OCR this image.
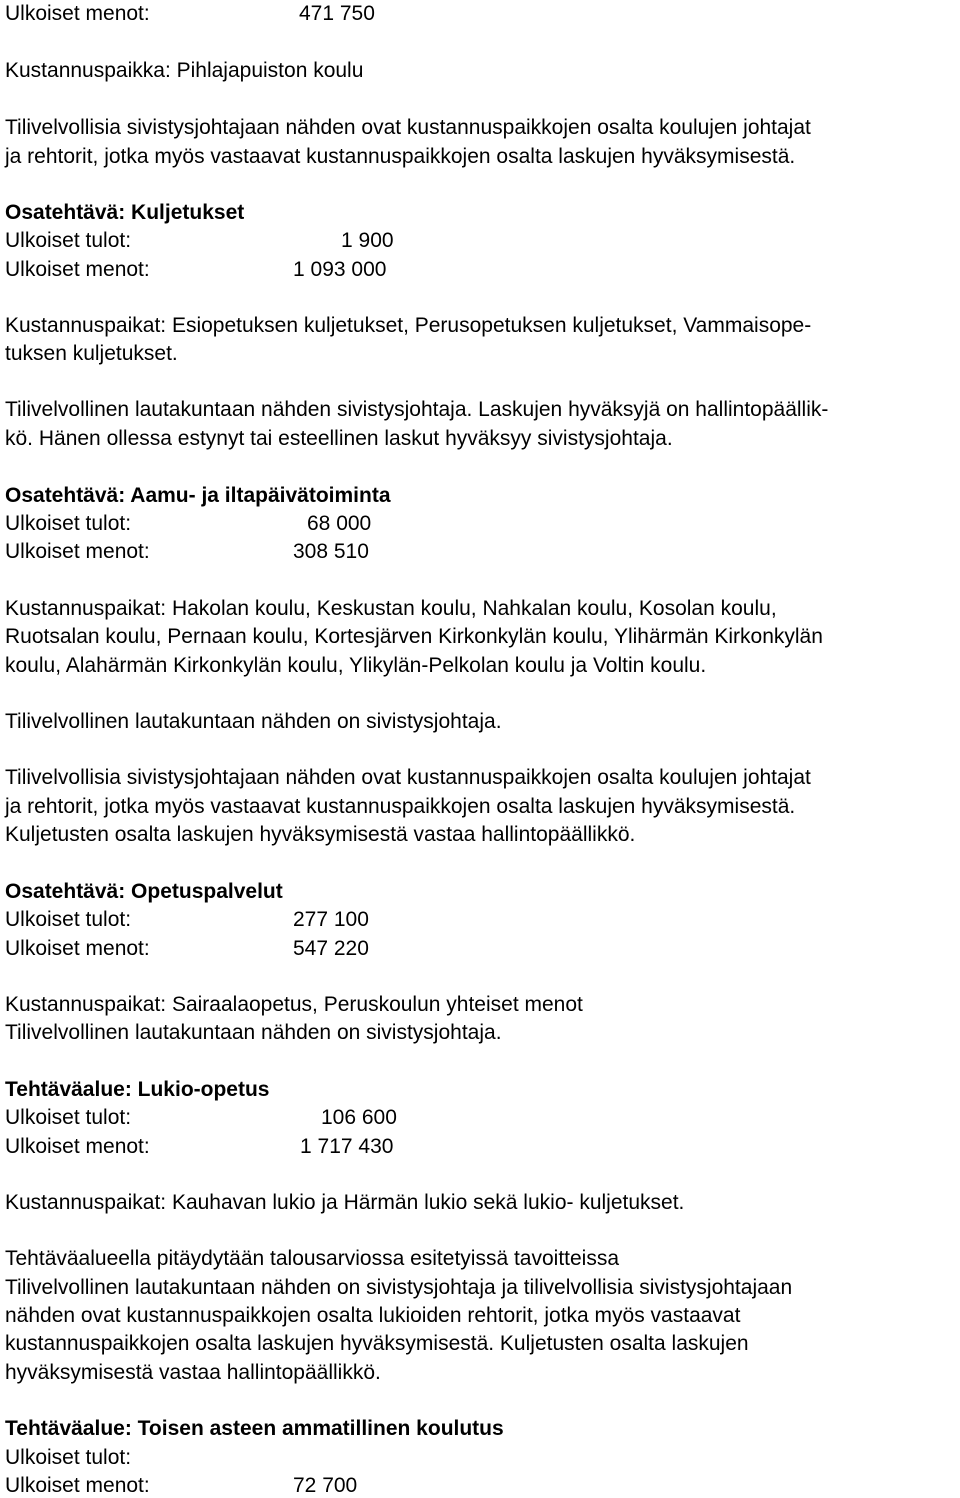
Ulkoiset menot:	471 750
Kustannuspaikka: Pihlajapuiston koulu
Tilivelvollisia sivistysjohtajaan nähden ovat kustannuspaikkojen osalta koulujen johtajat
ja rehtorit, jotka myös vastaavat kustannuspaikkojen osalta laskujen hyväksymisestä.
Osatehtävä: Kuljetukset
Ulkoiset tulot:	1 900
Ulkoiset menot:	1 093 000
Kustannuspaikat: Esiopetuksen kuljetukset, Perusopetuksen kuljetukset, Vammaisope-
tuksen kuljetukset.
Tilivelvollinen lautakuntaan nähden sivistysjohtaja. Laskujen hyväksyjä on hallintopäällik-
kö. Hänen ollessa estynyt tai esteellinen laskut hyväksyy sivistysjohtaja.
Osatehtävä: Aamu- ja iltapäivätoiminta
Ulkoiset tulot:	68 000
Ulkoiset menot:	308 510
Kustannuspaikat: Hakolan koulu, Keskustan koulu, Nahkalan koulu, Kosolan koulu,
Ruotsalan koulu, Pernaan koulu, Kortesjärven Kirkonkylän koulu, Ylihärmän Kirkonkylän
koulu, Alahärmän Kirkonkylän koulu, Ylikylän-Pelkolan koulu ja Voltin koulu.
Tilivelvollinen lautakuntaan nähden on sivistysjohtaja.
Tilivelvollisia sivistysjohtajaan nähden ovat kustannuspaikkojen osalta koulujen johtajat
ja rehtorit, jotka myös vastaavat kustannuspaikkojen osalta laskujen hyväksymisestä.
Kuljetusten osalta laskujen hyväksymisestä vastaa hallintopäällikkö.
Osatehtävä: Opetuspalvelut
Ulkoiset tulot:	277 100
Ulkoiset menot:	547 220
Kustannuspaikat: Sairaalaopetus, Peruskoulun yhteiset menot
Tilivelvollinen lautakuntaan nähden on sivistysjohtaja.
Tehtäväalue: Lukio-opetus
Ulkoiset tulot:	106 600
Ulkoiset menot:	1 717 430
Kustannuspaikat: Kauhavan lukio ja Härmän lukio sekä lukio- kuljetukset.
Tehtäväalueella pitäydytään talousarviossa esitetyissä tavoitteissa
Tilivelvollinen lautakuntaan nähden on sivistysjohtaja ja tilivelvollisia sivistysjohtajaan
nähden ovat kustannuspaikkojen osalta lukioiden rehtorit, jotka myös vastaavat
kustannuspaikkojen osalta laskujen hyväksymisestä. Kuljetusten osalta laskujen
hyväksymisestä vastaa hallintopäällikkö.
Tehtäväalue: Toisen asteen ammatillinen koulutus
Ulkoiset tulot:
Ulkoiset menot:	72 700
